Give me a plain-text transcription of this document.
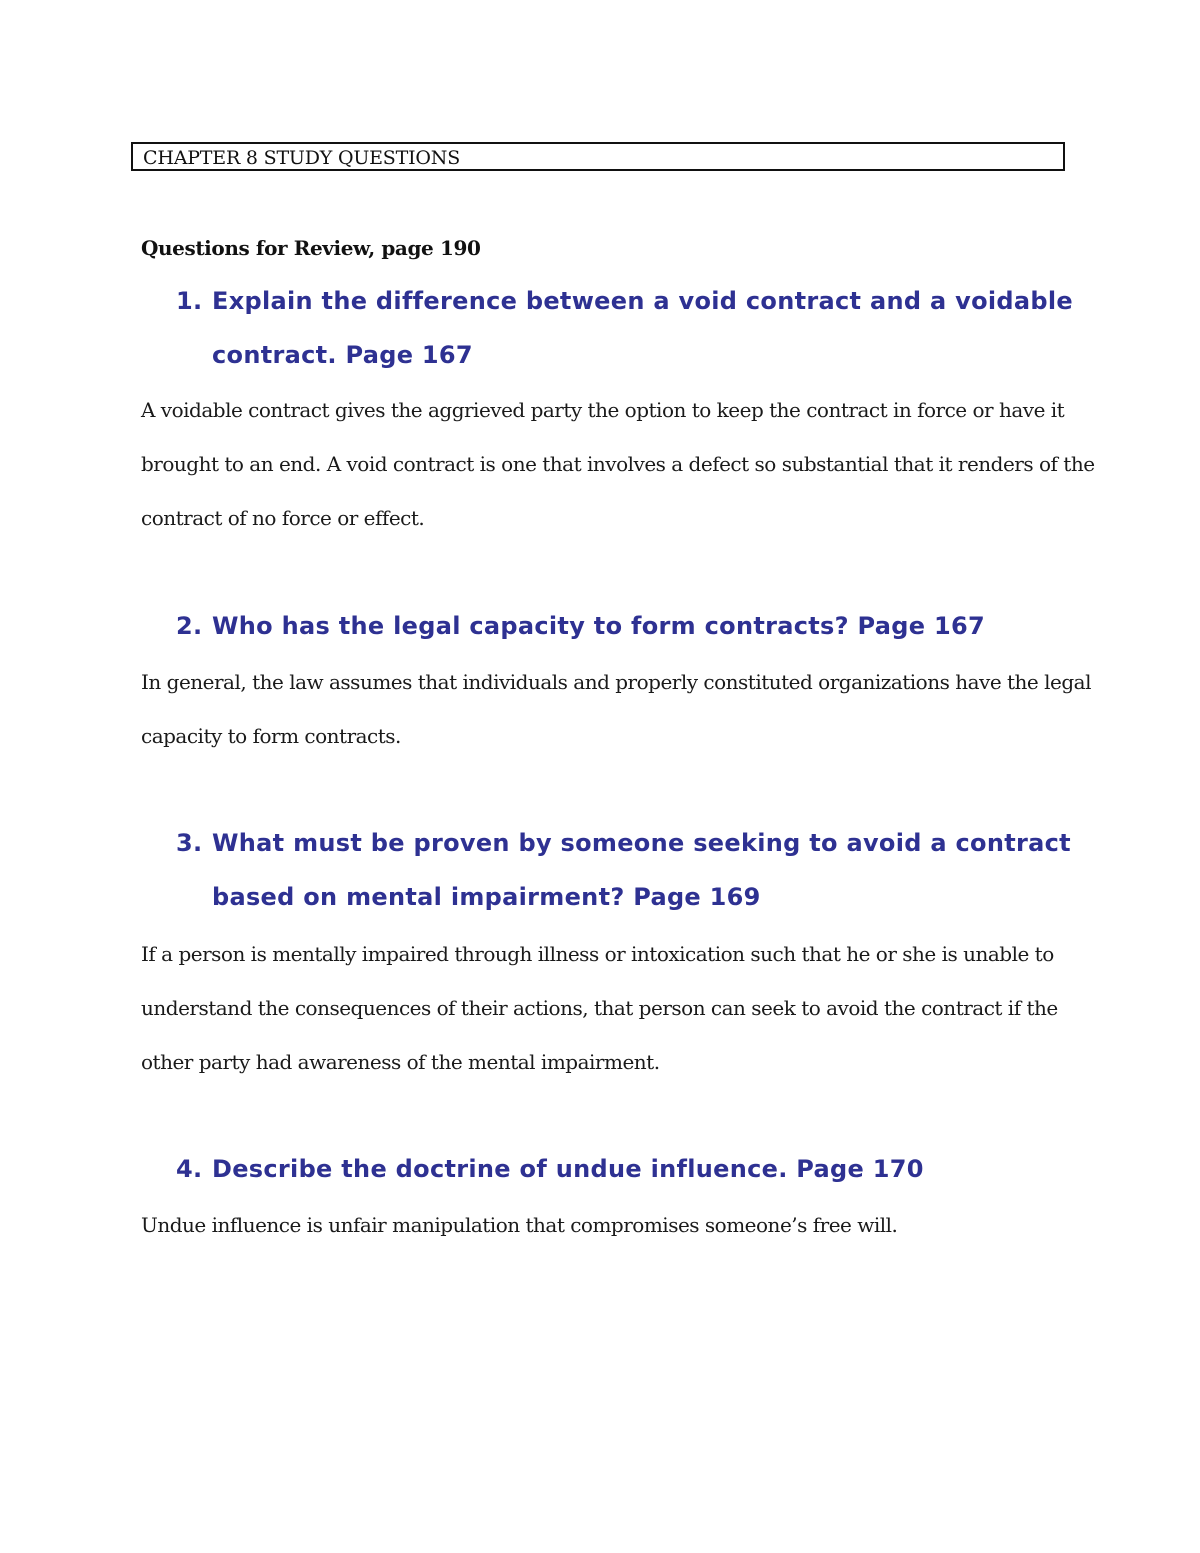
CHAPTER 8 STUDY QUESTIONS
Questions for Review, page 190
1. Explain the difference between a void contract and a voidable
contract. Page 167
A voidable contract gives the aggrieved party the option to keep the contract in force or have it
brought to an end. A void contract is one that involves a defect so substantial that it renders of the
contract of no force or effect.
2. Who has the legal capacity to form contracts? Page 167
In general, the law assumes that individuals and properly constituted organizations have the legal
capacity to form contracts.
3. What must be proven by someone seeking to avoid a contract
based on mental impairment? Page 169
If a person is mentally impaired through illness or intoxication such that he or she is unable to
understand the consequences of their actions, that person can seek to avoid the contract if the
other party had awareness of the mental impairment.
4. Describe the doctrine of undue influence. Page 170
Undue influence is unfair manipulation that compromises someone’s free will.
